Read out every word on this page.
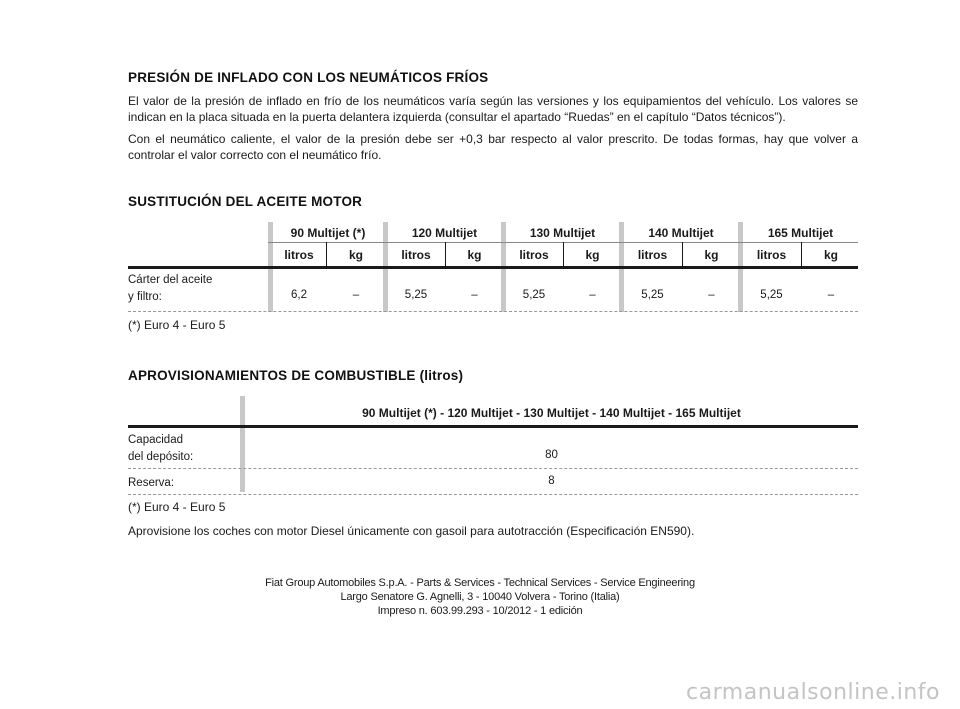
PRESIÓN DE INFLADO CON LOS NEUMÁTICOS FRÍOS

El valor de la presión de inflado en frío de los neumáticos varía según las versiones y los equipamientos del vehículo. Los valores se indican en la placa situada en la puerta delantera izquierda (consultar el apartado “Ruedas” en el capítulo “Datos técnicos”).

Con el neumático caliente, el valor de la presión debe ser +0,3 bar respecto al valor prescrito. De todas formas, hay que volver a controlar el valor correcto con el neumático frío.

SUSTITUCIÓN DEL ACEITE MOTOR
90 Multijet (*)	120 Multijet	130 Multijet	140 Multijet	165 Multijet
litros	kg	litros	kg	litros	kg	litros	kg	litros	kg
Cárter del aceite
y filtro:	6,2	–	5,25	–	5,25	–	5,25	–	5,25	–
(*) Euro 4 - Euro 5
APROVISIONAMIENTOS DE COMBUSTIBLE (litros)
90 Multijet (*) - 120 Multijet - 130 Multijet - 140 Multijet - 165 Multijet
Capacidad
del depósito:	80
Reserva:	8
(*) Euro 4 - Euro 5
Aprovisione los coches con motor Diesel únicamente con gasoil para autotracción (Especificación EN590).
Fiat Group Automobiles S.p.A. - Parts & Services - Technical Services - Service Engineering
Largo Senatore G. Agnelli, 3 - 10040 Volvera - Torino (Italia)
Impreso n. 603.99.293 - 10/2012 - 1 edición
carmanualsonline.info
